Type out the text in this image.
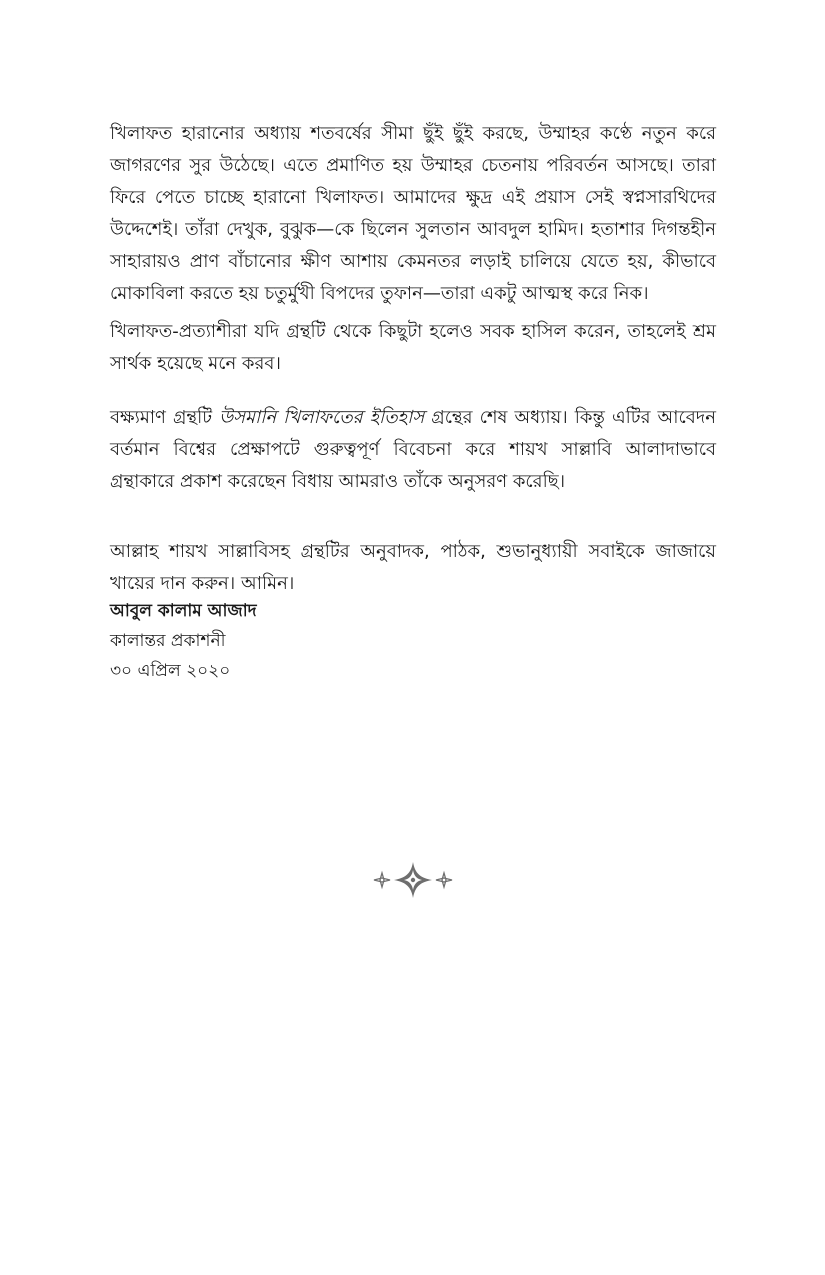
খিলাফত হারানোর অধ্যায় শতবর্ষের সীমা ছুঁই ছুঁই করছে, উম্মাহর কণ্ঠে নতুন করে জাগরণের সুর উঠেছে। এতে প্রমাণিত হয় উম্মাহর চেতনায় পরিবর্তন আসছে। তারা ফিরে পেতে চাচ্ছে হারানো খিলাফত। আমাদের ক্ষুদ্র এই প্রয়াস সেই স্বপ্নসারথিদের উদ্দেশেই। তাঁরা দেখুক, বুঝুক—কে ছিলেন সুলতান আবদুল হামিদ। হতাশার দিগন্তহীন সাহারায়ও প্রাণ বাঁচানোর ক্ষীণ আশায় কেমনতর লড়াই চালিয়ে যেতে হয়, কীভাবে মোকাবিলা করতে হয় চতুর্মুখী বিপদের তুফান—তারা একটু আত্মস্থ করে নিক।

খিলাফত-প্রত্যাশীরা যদি গ্রন্থটি থেকে কিছুটা হলেও সবক হাসিল করেন, তাহলেই শ্রম সার্থক হয়েছে মনে করব।

বক্ষ্যমাণ গ্রন্থটি উসমানি খিলাফতের ইতিহাস গ্রন্থের শেষ অধ্যায়। কিন্তু এটির আবেদন বর্তমান বিশ্বের প্রেক্ষাপটে গুরুত্বপূর্ণ বিবেচনা করে শায়খ সাল্লাবি আলাদাভাবে গ্রন্থাকারে প্রকাশ করেছেন বিধায় আমরাও তাঁকে অনুসরণ করেছি।

আল্লাহ শায়খ সাল্লাবিসহ গ্রন্থটির অনুবাদক, পাঠক, শুভানুধ্যায়ী সবাইকে জাজায়ে খায়ের দান করুন। আমিন।

আবুল কালাম আজাদ

কালান্তর প্রকাশনী

৩০ এপ্রিল ২০২০
